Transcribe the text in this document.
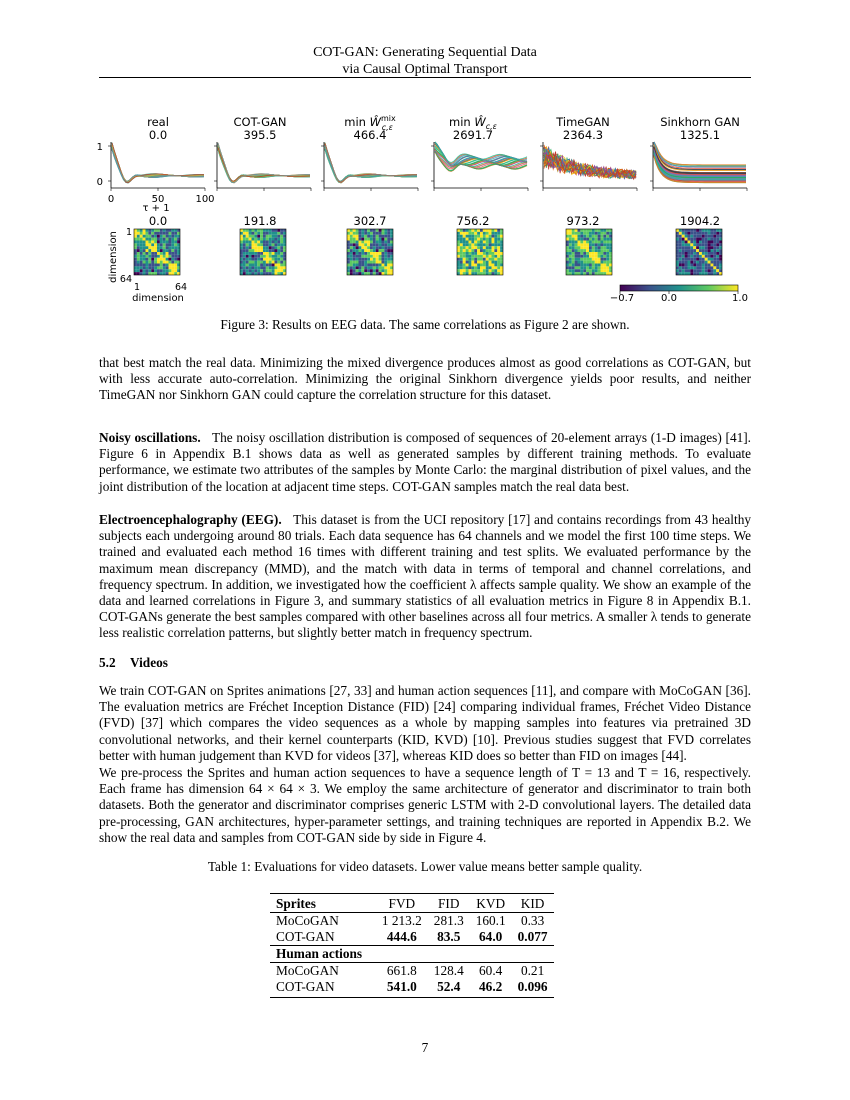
COT-GAN: Generating Sequential Data
via Causal Optimal Transport
real	COT-GAN	$\min Ŵ^{mix}$ c,ε	$\min Ŵ_{c,\varepsilon}$	TimeGAN	Sinkhorn GAN
0.0	395.5	466.4	2691.7	2364.3	1325.1
1
0
0	50	100
τ + 1
0.0	191.8	302.7	756.2	973.2	1904.2
1
64
1	64
dimension
dimension
−0.7	0.0	1.0
Figure 3: Results on EEG data. The same correlations as Figure 2 are shown.

that best match the real data. Minimizing the mixed divergence produces almost as good correlations as COT-GAN, but with less accurate auto-correlation. Minimizing the original Sinkhorn divergence yields poor results, and neither TimeGAN nor Sinkhorn GAN could capture the correlation structure for this dataset.

Noisy oscillations. The noisy oscillation distribution is composed of sequences of 20-element arrays (1-D images) [41]. Figure 6 in Appendix B.1 shows data as well as generated samples by different training methods. To evaluate performance, we estimate two attributes of the samples by Monte Carlo: the marginal distribution of pixel values, and the joint distribution of the location at adjacent time steps. COT-GAN samples match the real data best.

Electroencephalography (EEG). This dataset is from the UCI repository [17] and contains recordings from 43 healthy subjects each undergoing around 80 trials. Each data sequence has 64 channels and we model the first 100 time steps. We trained and evaluated each method 16 times with different training and test splits. We evaluated performance by the maximum mean discrepancy (MMD), and the match with data in terms of temporal and channel correlations, and frequency spectrum. In addition, we investigated how the coefficient λ affects sample quality. We show an example of the data and learned correlations in Figure 3, and summary statistics of all evaluation metrics in Figure 8 in Appendix B.1. COT-GANs generate the best samples compared with other baselines across all four metrics. A smaller λ tends to generate less realistic correlation patterns, but slightly better match in frequency spectrum.

5.2 Videos

We train COT-GAN on Sprites animations [27, 33] and human action sequences [11], and compare with MoCoGAN [36]. The evaluation metrics are Fréchet Inception Distance (FID) [24] comparing individual frames, Fréchet Video Distance (FVD) [37] which compares the video sequences as a whole by mapping samples into features via pretrained 3D convolutional networks, and their kernel counterparts (KID, KVD) [10]. Previous studies suggest that FVD correlates better with human judgement than KVD for videos [37], whereas KID does so better than FID on images [44].

We pre-process the Sprites and human action sequences to have a sequence length of T = 13 and T = 16, respectively. Each frame has dimension 64 × 64 × 3. We employ the same architecture of generator and discriminator to train both datasets. Both the generator and discriminator comprises generic LSTM with 2-D convolutional layers. The detailed data pre-processing, GAN architectures, hyper-parameter settings, and training techniques are reported in Appendix B.2. We show the real data and samples from COT-GAN side by side in Figure 4.

Table 1: Evaluations for video datasets. Lower value means better sample quality.
Sprites	FVD	FID	KVD	KID
MoCoGAN	1 213.2	281.3	160.1	0.33
COT-GAN	444.6	83.5	64.0	0.077
Human actions				
MoCoGAN	661.8	128.4	60.4	0.21
COT-GAN	541.0	52.4	46.2	0.096
7
